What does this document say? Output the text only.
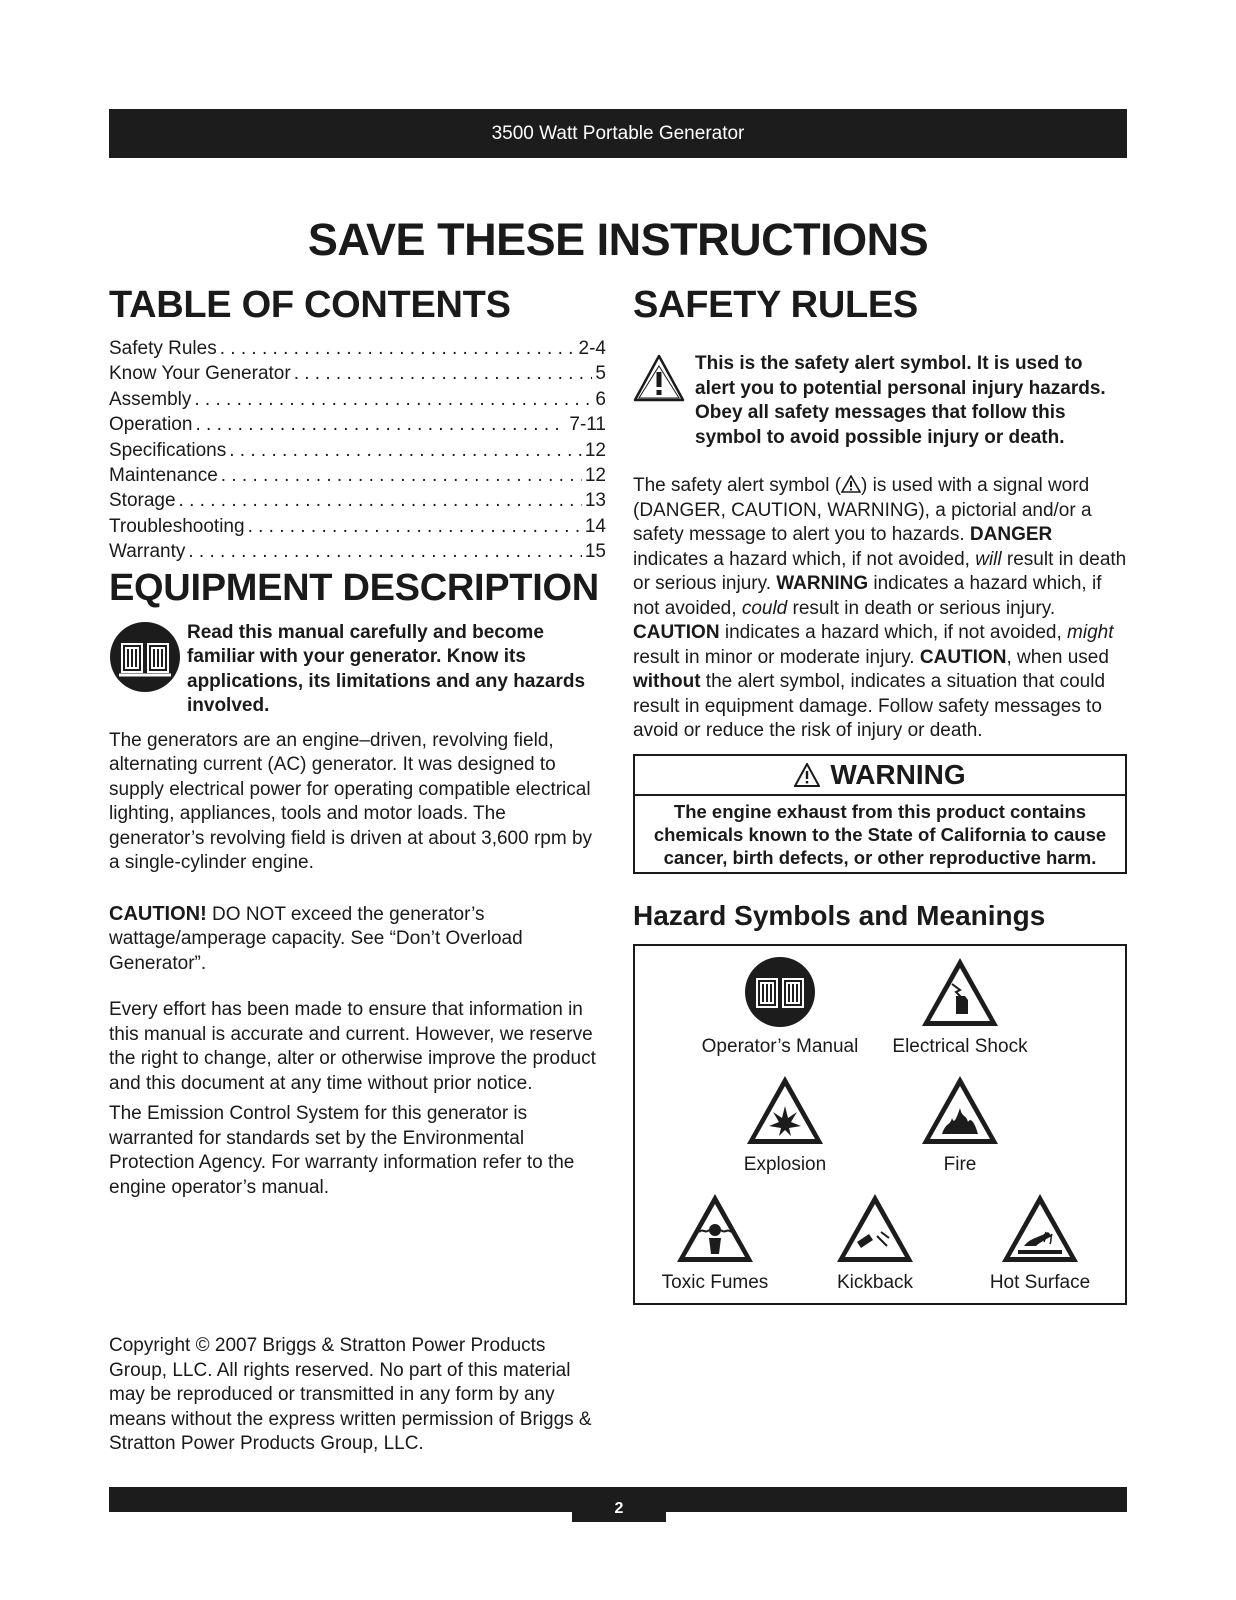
3500 Watt Portable Generator
SAVE THESE INSTRUCTIONS
TABLE OF CONTENTS
Safety Rules . . .	2-4
Know Your Generator . . .	5
Assembly . . .	6
Operation . . .	7-11
Specifications . . .	12
Maintenance . . .	12
Storage . . .	13
Troubleshooting . . .	14
Warranty . . .	15
EQUIPMENT DESCRIPTION
Read this manual carefully and become familiar with your generator. Know its applications, its limitations and any hazards involved.

The generators are an engine–driven, revolving field, alternating current (AC) generator. It was designed to supply electrical power for operating compatible electrical lighting, appliances, tools and motor loads. The generator’s revolving field is driven at about 3,600 rpm by a single-cylinder engine.

CAUTION! DO NOT exceed the generator’s wattage/amperage capacity. See “Don’t Overload Generator”.

Every effort has been made to ensure that information in this manual is accurate and current. However, we reserve the right to change, alter or otherwise improve the product and this document at any time without prior notice.

The Emission Control System for this generator is warranted for standards set by the Environmental Protection Agency. For warranty information refer to the engine operator’s manual.

Copyright © 2007 Briggs & Stratton Power Products Group, LLC. All rights reserved. No part of this material may be reproduced or transmitted in any form by any means without the express written permission of Briggs & Stratton Power Products Group, LLC.

SAFETY RULES
This is the safety alert symbol. It is used to alert you to potential personal injury hazards. Obey all safety messages that follow this symbol to avoid possible injury or death.

The safety alert symbol ( ) is used with a signal word (DANGER, CAUTION, WARNING), a pictorial and/or a safety message to alert you to hazards. DANGER indicates a hazard which, if not avoided, will result in death or serious injury. WARNING indicates a hazard which, if not avoided, could result in death or serious injury. CAUTION indicates a hazard which, if not avoided, might result in minor or moderate injury. CAUTION, when used without the alert symbol, indicates a situation that could result in equipment damage. Follow safety messages to avoid or reduce the risk of injury or death.

WARNING
The engine exhaust from this product contains chemicals known to the State of California to cause cancer, birth defects, or other reproductive harm.
Hazard Symbols and Meanings
Operator’s Manual	Electrical Shock
Explosion	Fire
Toxic Fumes	Kickback	Hot Surface
2
